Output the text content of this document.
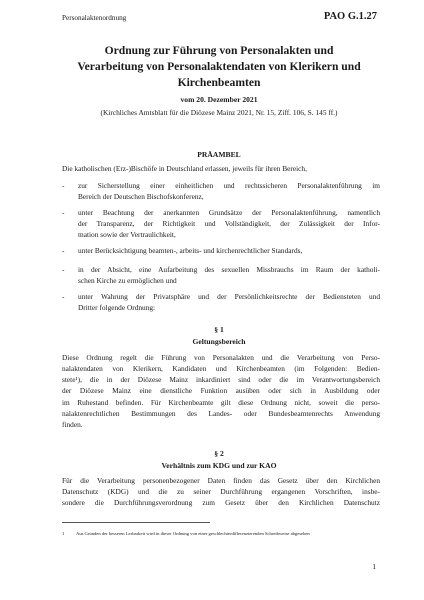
Personalaktenordnung	PAO G.1.27
Ordnung zur Führung von Personalakten und
Verarbeitung von Personalaktendaten von Klerikern und
Kirchenbeamten
vom 20. Dezember 2021
(Kirchliches Amtsblatt für die Diözese Mainz 2021, Nr. 15, Ziff. 106, S. 145 ff.)
PRÄAMBEL
Die katholischen (Erz-)Bischöfe in Deutschland erlassen, jeweils für ihren Bereich,
- zur Sicherstellung einer einheitlichen und rechtssicheren Personalaktenführung im
Bereich der Deutschen Bischofskonferenz,
- unter Beachtung der anerkannten Grundsätze der Personalaktenführung, namentlich
der Transparenz, der Richtigkeit und Vollständigkeit, der Zulässigkeit der Infor-
mation sowie der Vertraulichkeit,
- unter Berücksichtigung beamten-, arbeits- und kirchenrechtlicher Standards,
- in der Absicht, eine Aufarbeitung des sexuellen Missbrauchs im Raum der katholi-
schen Kirche zu ermöglichen und
- unter Wahrung der Privatsphäre und der Persönlichkeitsrechte der Bediensteten und
Dritter folgende Ordnung:
§ 1
Geltungsbereich
Diese Ordnung regelt die Führung von Personalakten und die Verarbeitung von Perso-
nalaktendaten von Klerikern, Kandidaten und Kirchenbeamten (im Folgenden: Bedien-
stete¹), die in der Diözese Mainz inkardiniert sind oder die im Verantwortungsbereich
der Diözese Mainz eine dienstliche Funktion ausüben oder sich in Ausbildung oder
im Ruhestand befinden. Für Kirchenbeamte gilt diese Ordnung nicht, soweit die perso-
nalaktenrechtlichen Bestimmungen des Landes- oder Bundesbeamtenrechts Anwendung
finden.
§ 2
Verhältnis zum KDG und zur KAO
Für die Verarbeitung personenbezogener Daten finden das Gesetz über den Kirchlichen
Datenschutz (KDG) und die zu seiner Durchführung ergangenen Vorschriften, insbe-
sondere die Durchführungsverordnung zum Gesetz über den Kirchlichen Datenschutz
1	Aus Gründen der besseren Lesbarkeit wird in dieser Ordnung von einer geschlechterdifferenzierenden Schreibweise abgesehen
1
